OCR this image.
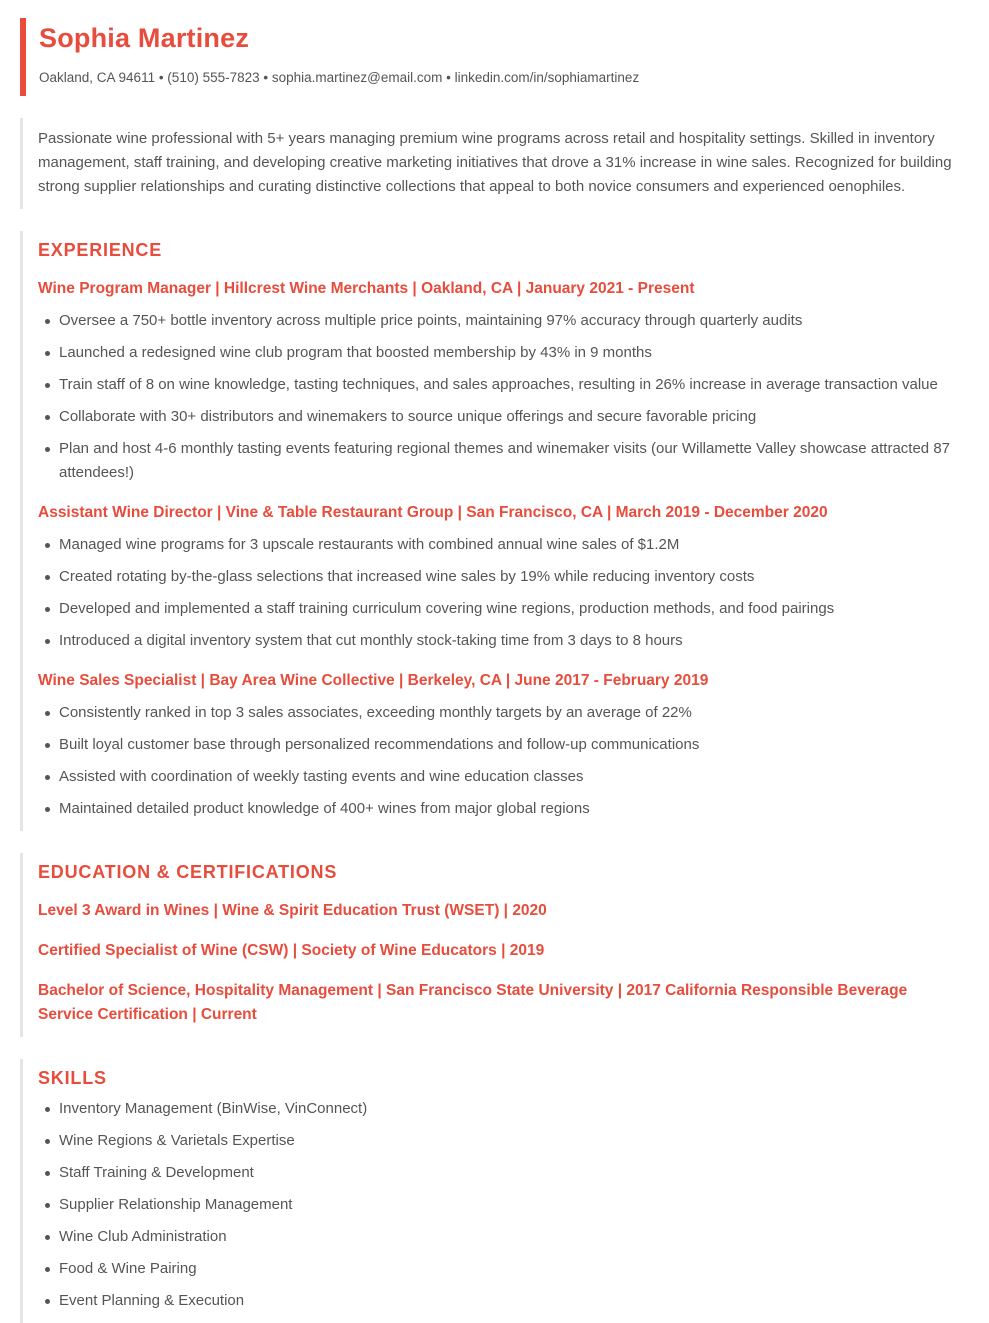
Sophia Martinez
Oakland, CA 94611 • (510) 555-7823 • sophia.martinez@email.com • linkedin.com/in/sophiamartinez

Passionate wine professional with 5+ years managing premium wine programs across retail and hospitality settings. Skilled in inventory management, staff training, and developing creative marketing initiatives that drove a 31% increase in wine sales. Recognized for building strong supplier relationships and curating distinctive collections that appeal to both novice consumers and experienced oenophiles.

EXPERIENCE
Wine Program Manager | Hillcrest Wine Merchants | Oakland, CA | January 2021 - Present
Oversee a 750+ bottle inventory across multiple price points, maintaining 97% accuracy through quarterly audits
Launched a redesigned wine club program that boosted membership by 43% in 9 months
Train staff of 8 on wine knowledge, tasting techniques, and sales approaches, resulting in 26% increase in average transaction value
Collaborate with 30+ distributors and winemakers to source unique offerings and secure favorable pricing
Plan and host 4-6 monthly tasting events featuring regional themes and winemaker visits (our Willamette Valley showcase attracted 87 attendees!)
Assistant Wine Director | Vine & Table Restaurant Group | San Francisco, CA | March 2019 - December 2020
Managed wine programs for 3 upscale restaurants with combined annual wine sales of $1.2M
Created rotating by-the-glass selections that increased wine sales by 19% while reducing inventory costs
Developed and implemented a staff training curriculum covering wine regions, production methods, and food pairings
Introduced a digital inventory system that cut monthly stock-taking time from 3 days to 8 hours
Wine Sales Specialist | Bay Area Wine Collective | Berkeley, CA | June 2017 - February 2019
Consistently ranked in top 3 sales associates, exceeding monthly targets by an average of 22%
Built loyal customer base through personalized recommendations and follow-up communications
Assisted with coordination of weekly tasting events and wine education classes
Maintained detailed product knowledge of 400+ wines from major global regions
EDUCATION & CERTIFICATIONS

Level 3 Award in Wines | Wine & Spirit Education Trust (WSET) | 2020

Certified Specialist of Wine (CSW) | Society of Wine Educators | 2019

Bachelor of Science, Hospitality Management | San Francisco State University | 2017 California Responsible Beverage Service Certification | Current

SKILLS
Inventory Management (BinWise, VinConnect)
Wine Regions & Varietals Expertise
Staff Training & Development
Supplier Relationship Management
Wine Club Administration
Food & Wine Pairing
Event Planning & Execution
